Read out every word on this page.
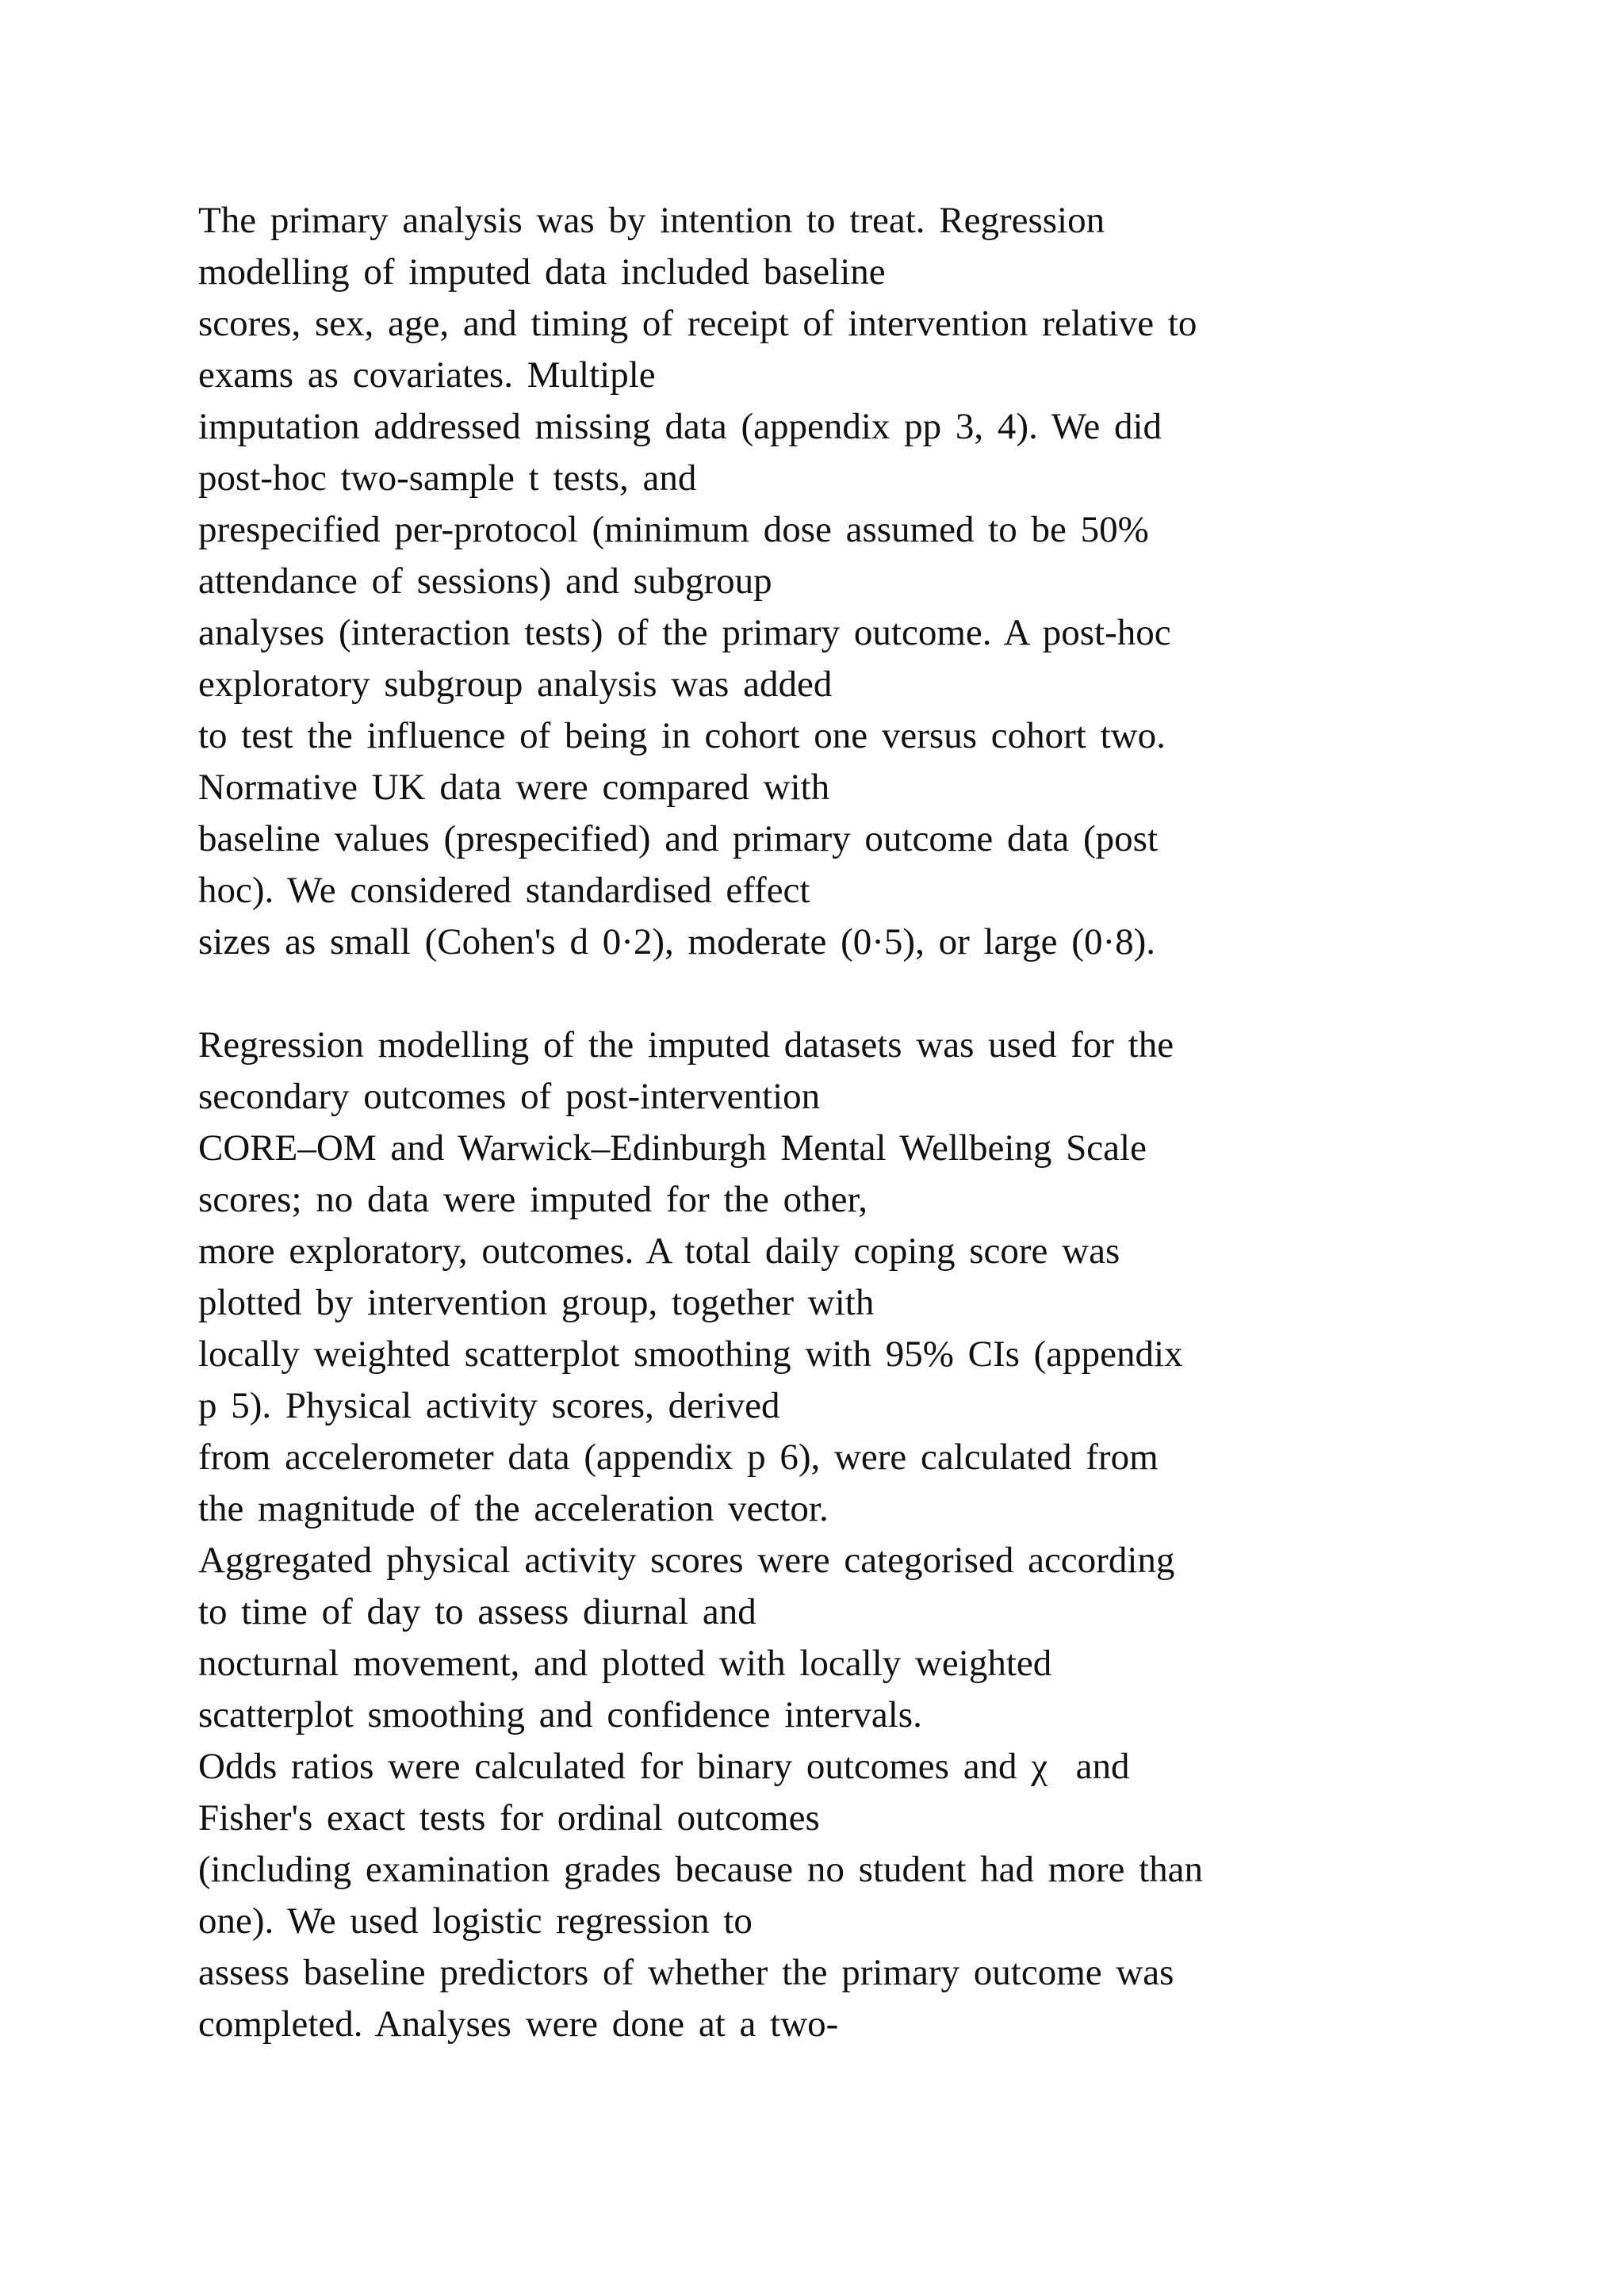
The primary analysis was by intention to treat. Regression
modelling of imputed data included baseline
scores, sex, age, and timing of receipt of intervention relative to
exams as covariates. Multiple
imputation addressed missing data (appendix pp 3, 4). We did
post-hoc two-sample t tests, and
prespecified per-protocol (minimum dose assumed to be 50%
attendance of sessions) and subgroup
analyses (interaction tests) of the primary outcome. A post-hoc
exploratory subgroup analysis was added
to test the influence of being in cohort one versus cohort two.
Normative UK data were compared with
baseline values (prespecified) and primary outcome data (post
hoc). We considered standardised effect
sizes as small (Cohen's d 0·2), moderate (0·5), or large (0·8).
Regression modelling of the imputed datasets was used for the
secondary outcomes of post-intervention
CORE–OM and Warwick–Edinburgh Mental Wellbeing Scale
scores; no data were imputed for the other,
more exploratory, outcomes. A total daily coping score was
plotted by intervention group, together with
locally weighted scatterplot smoothing with 95% CIs (appendix
p 5). Physical activity scores, derived
from accelerometer data (appendix p 6), were calculated from
the magnitude of the acceleration vector.
Aggregated physical activity scores were categorised according
to time of day to assess diurnal and
nocturnal movement, and plotted with locally weighted
scatterplot smoothing and confidence intervals.
Odds ratios were calculated for binary outcomes and χ  and
Fisher's exact tests for ordinal outcomes
(including examination grades because no student had more than
one). We used logistic regression to
assess baseline predictors of whether the primary outcome was
completed. Analyses were done at a two-
